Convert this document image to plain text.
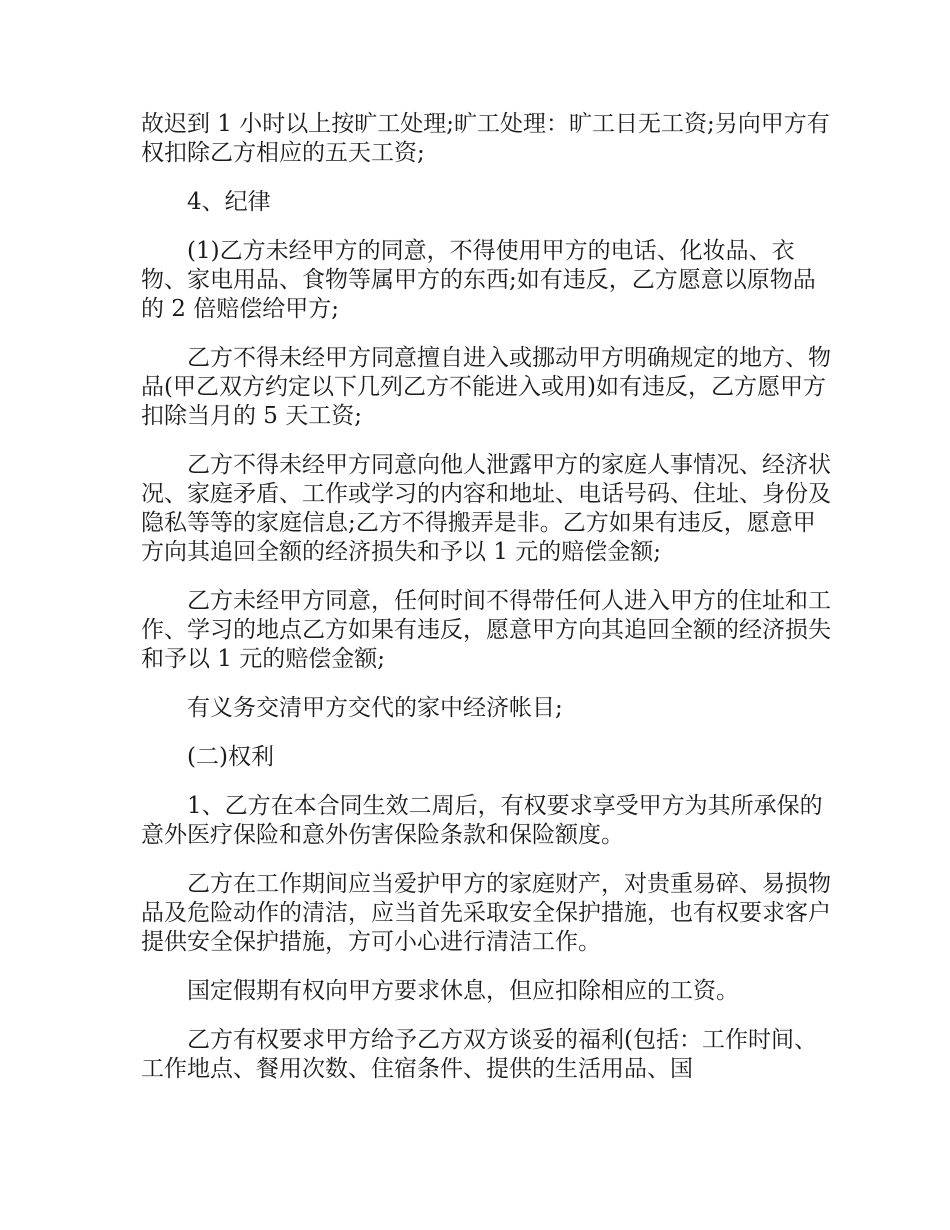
故迟到 1 小时以上按旷工处理;旷工处理：旷工日无工资;另向甲方有权扣除乙方相应的五天工资;

4、纪律

(1)乙方未经甲方的同意，不得使用甲方的电话、化妆品、衣物、家电用品、食物等属甲方的东西;如有违反，乙方愿意以原物品的 2 倍赔偿给甲方;

乙方不得未经甲方同意擅自进入或挪动甲方明确规定的地方、物品(甲乙双方约定以下几列乙方不能进入或用)如有违反，乙方愿甲方扣除当月的 5 天工资;

乙方不得未经甲方同意向他人泄露甲方的家庭人事情况、经济状况、家庭矛盾、工作或学习的内容和地址、电话号码、住址、身份及隐私等等的家庭信息;乙方不得搬弄是非。乙方如果有违反，愿意甲方向其追回全额的经济损失和予以 1 元的赔偿金额;

乙方未经甲方同意，任何时间不得带任何人进入甲方的住址和工作、学习的地点乙方如果有违反，愿意甲方向其追回全额的经济损失和予以 1 元的赔偿金额;

有义务交清甲方交代的家中经济帐目;

(二)权利

1、乙方在本合同生效二周后，有权要求享受甲方为其所承保的意外医疗保险和意外伤害保险条款和保险额度。

乙方在工作期间应当爱护甲方的家庭财产，对贵重易碎、易损物品及危险动作的清洁，应当首先采取安全保护措施，也有权要求客户提供安全保护措施，方可小心进行清洁工作。

国定假期有权向甲方要求休息，但应扣除相应的工资。

乙方有权要求甲方给予乙方双方谈妥的福利(包括：工作时间、工作地点、餐用次数、住宿条件、提供的生活用品、国
